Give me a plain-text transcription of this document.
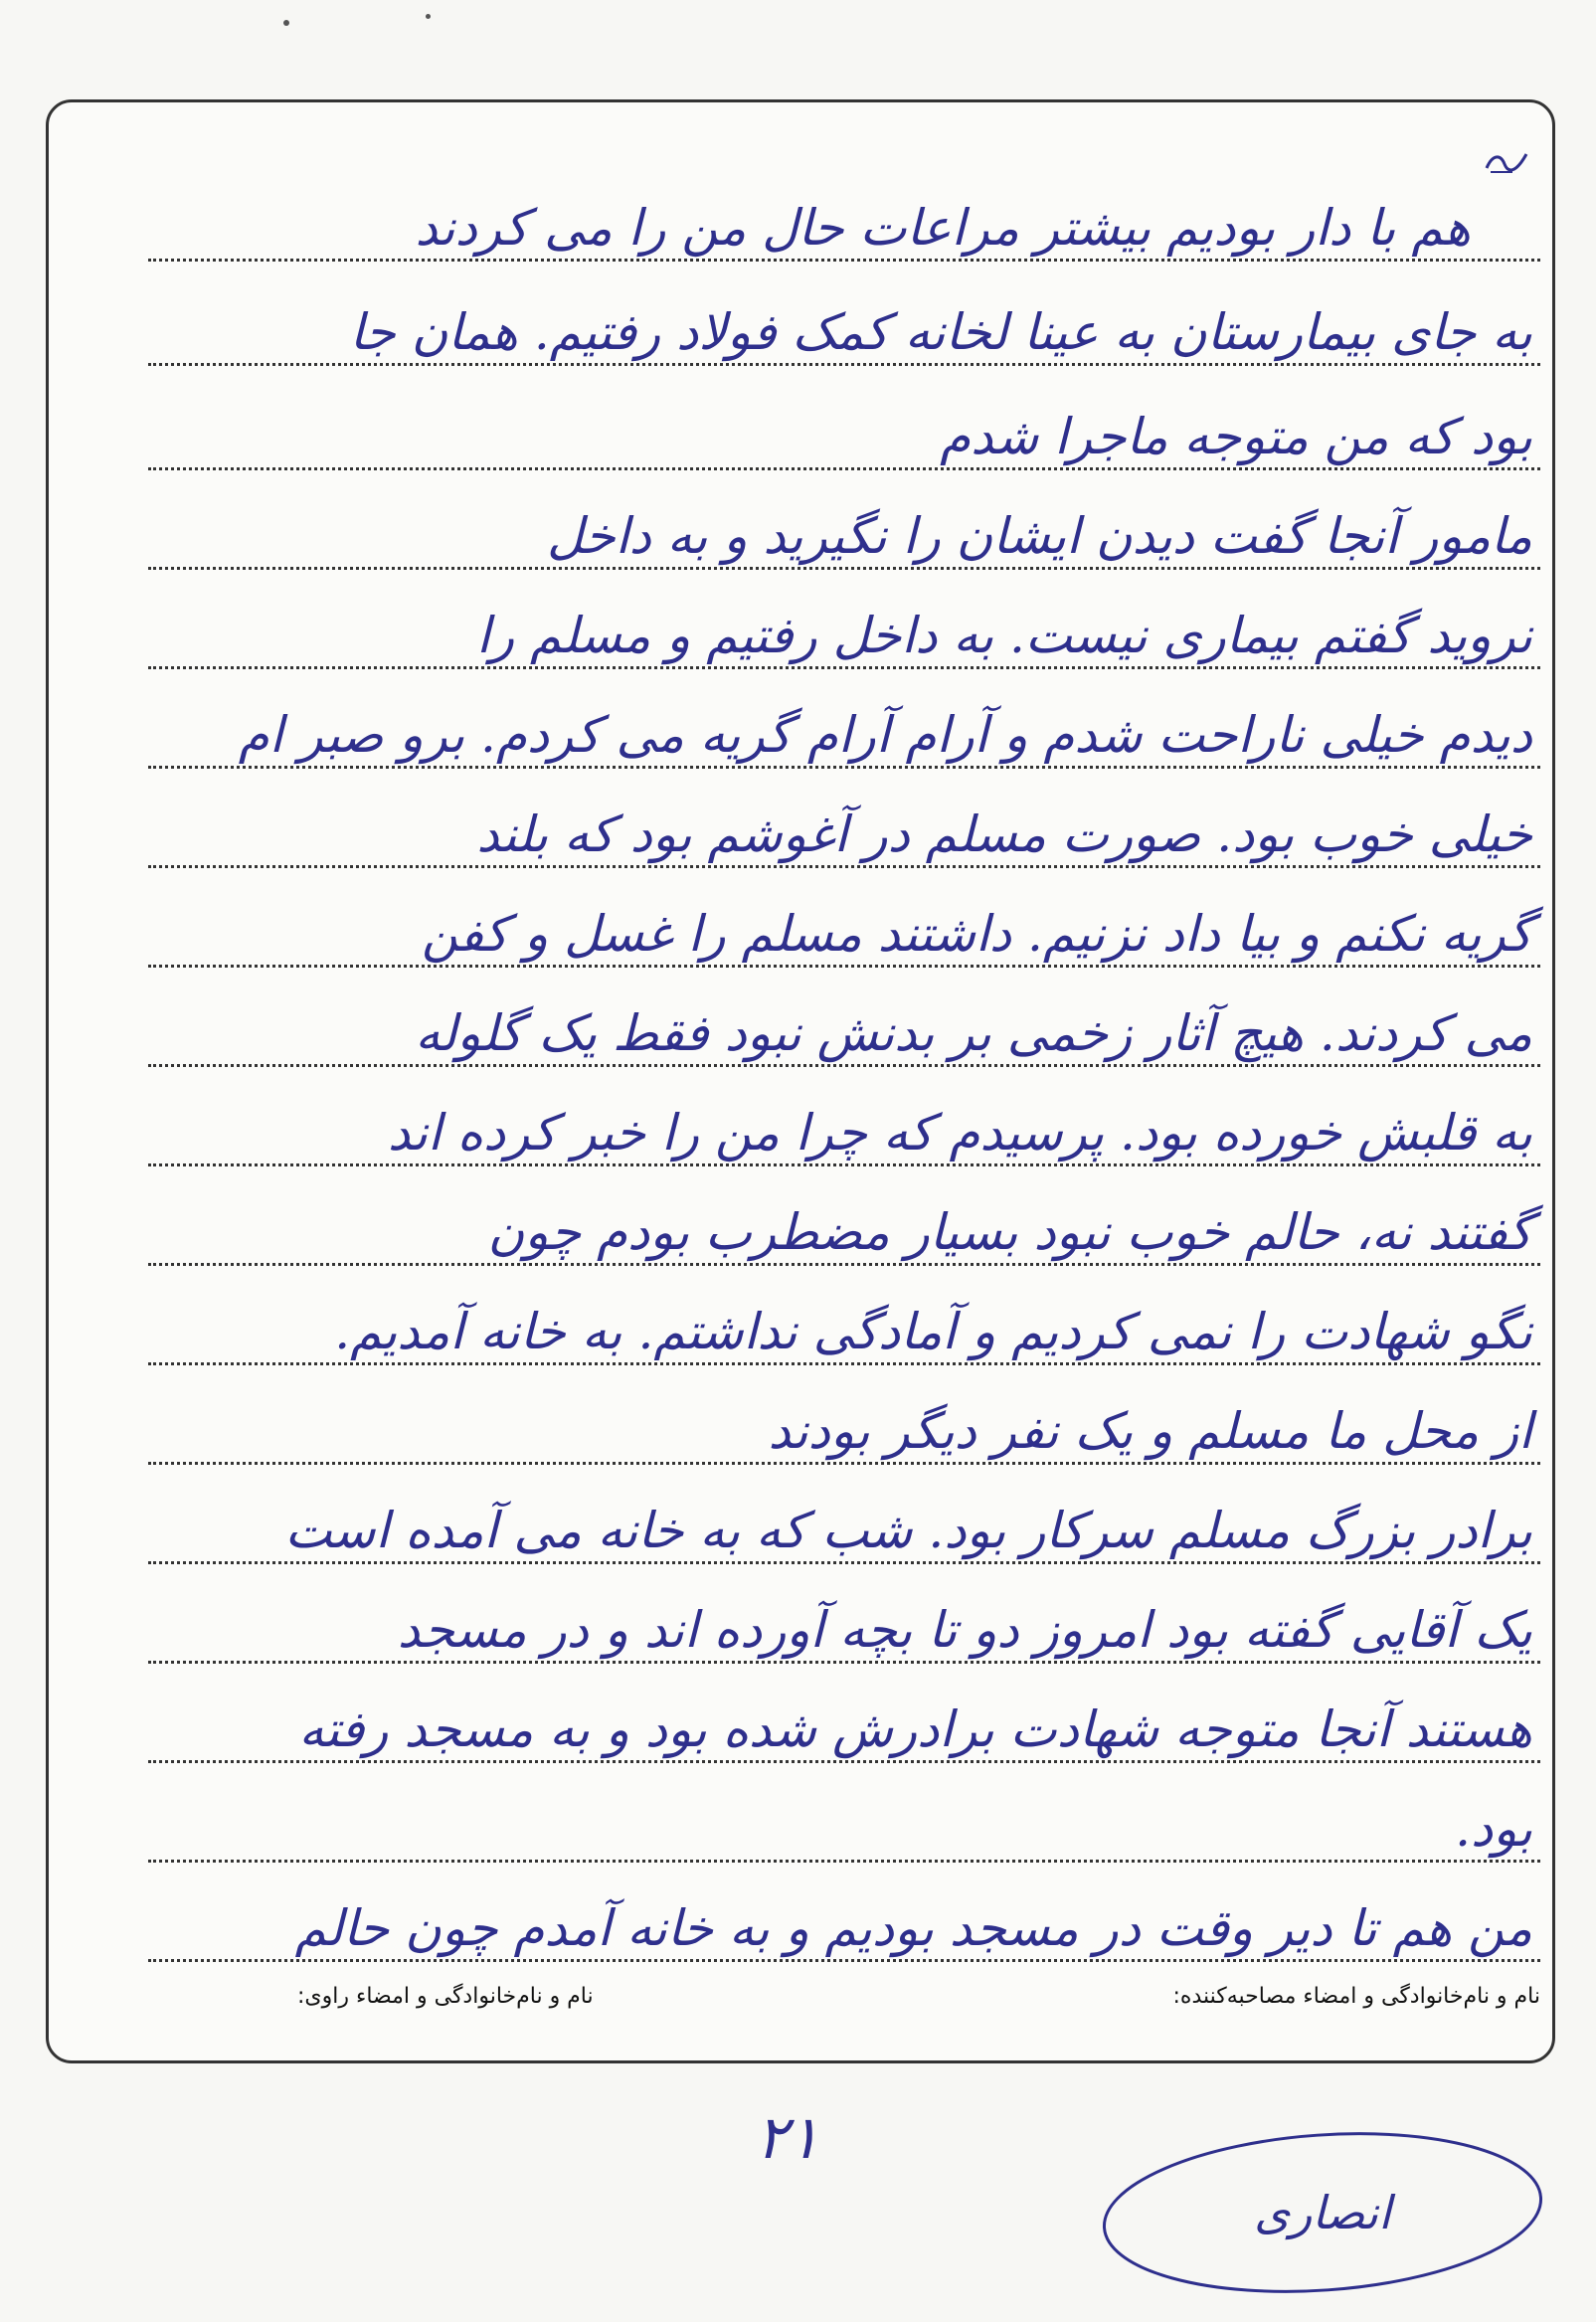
هم با دار بودیم بیشتر مراعات حال من را می کردند
به جای بیمارستان به عینا لخانه کمک فولاد رفتیم. همان جا
بود که من متوجه ماجرا شدم
مامور آنجا گفت دیدن ایشان را نگیرید و به داخل
نروید گفتم بیماری نیست. به داخل رفتیم و مسلم را
دیدم خیلی ناراحت شدم و آرام آرام گریه می کردم. برو صبر ام
خیلی خوب بود. صورت مسلم در آغوشم بود که بلند
گریه نکنم و بیا داد نزنیم. داشتند مسلم را غسل و کفن
می کردند. هیچ آثار زخمی بر بدنش نبود فقط یک گلوله
به قلبش خورده بود. پرسیدم که چرا من را خبر کرده اند
گفتند نه، حالم خوب نبود بسیار مضطرب بودم چون
نگو شهادت را نمی کردیم و آمادگی نداشتم. به خانه آمدیم.
از محل ما مسلم و یک نفر دیگر بودند
برادر بزرگ مسلم سرکار بود. شب که به خانه می آمده است
یک آقایی گفته بود امروز دو تا بچه آورده اند و در مسجد
هستند آنجا متوجه شهادت برادرش شده بود و به مسجد رفته
بود.
من هم تا دیر وقت در مسجد بودیم و به خانه آمدم چون حالم
نام و نام‌خانوادگی و امضاء مصاحبه‌کننده:
نام و نام‌خانوادگی و امضاء راوی:
۲۱
انصاری
